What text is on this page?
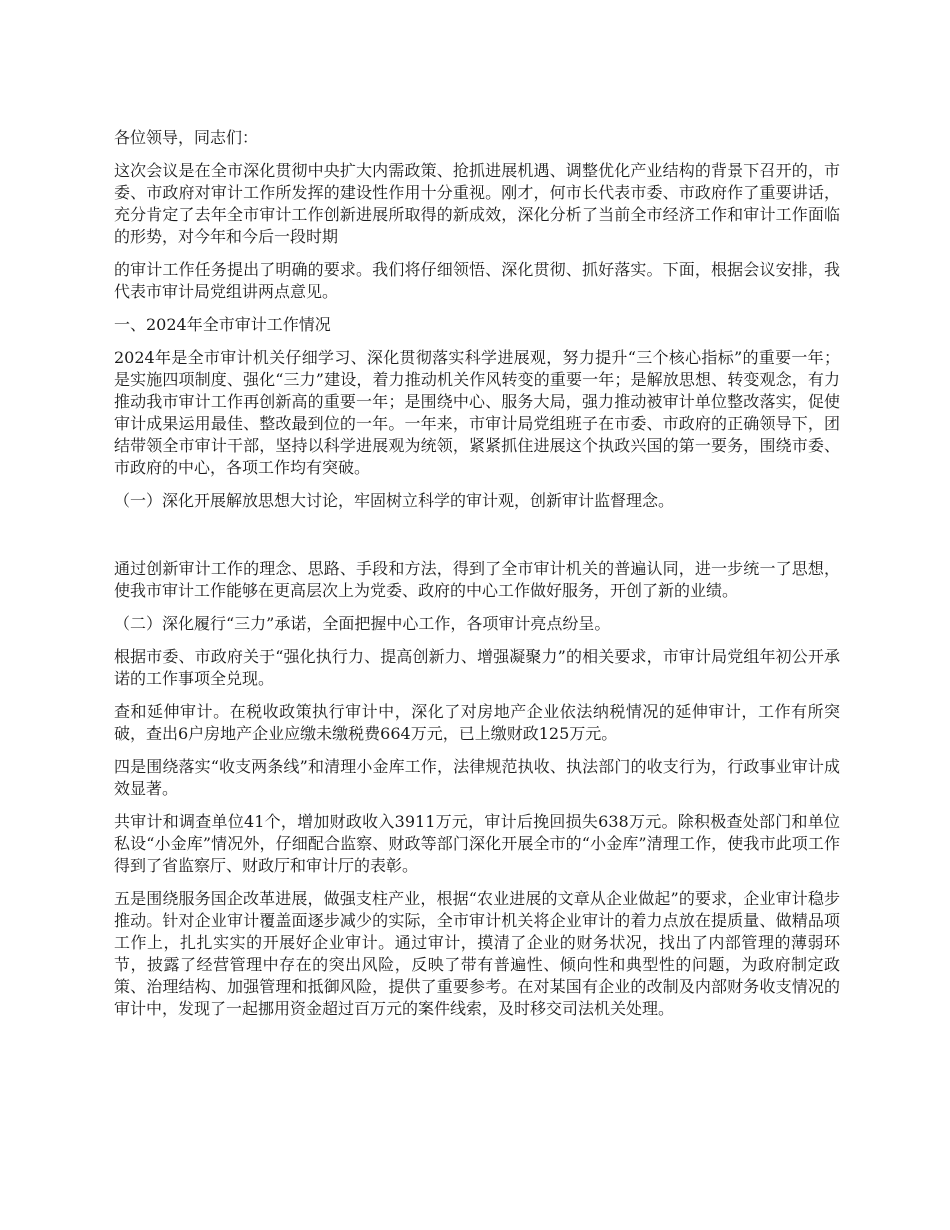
各位领导，同志们：

这次会议是在全市深化贯彻中央扩大内需政策、抢抓进展机遇、调整优化产业结构的背景下召开的，市委、市政府对审计工作所发挥的建设性作用十分重视。刚才，何市长代表市委、市政府作了重要讲话，充分肯定了去年全市审计工作创新进展所取得的新成效，深化分析了当前全市经济工作和审计工作面临的形势，对今年和今后一段时期

的审计工作任务提出了明确的要求。我们将仔细领悟、深化贯彻、抓好落实。下面，根据会议安排，我代表市审计局党组讲两点意见。

一、2024年全市审计工作情况

2024年是全市审计机关仔细学习、深化贯彻落实科学进展观，努力提升“三个核心指标”的重要一年；是实施四项制度、强化“三力”建设，着力推动机关作风转变的重要一年；是解放思想、转变观念，有力推动我市审计工作再创新高的重要一年；是围绕中心、服务大局，强力推动被审计单位整改落实，促使审计成果运用最佳、整改最到位的一年。一年来，市审计局党组班子在市委、市政府的正确领导下，团结带领全市审计干部，坚持以科学进展观为统领，紧紧抓住进展这个执政兴国的第一要务，围绕市委、市政府的中心，各项工作均有突破。

（一）深化开展解放思想大讨论，牢固树立科学的审计观，创新审计监督理念。

通过创新审计工作的理念、思路、手段和方法，得到了全市审计机关的普遍认同，进一步统一了思想，使我市审计工作能够在更高层次上为党委、政府的中心工作做好服务，开创了新的业绩。

（二）深化履行“三力”承诺，全面把握中心工作，各项审计亮点纷呈。

根据市委、市政府关于“强化执行力、提高创新力、增强凝聚力”的相关要求，市审计局党组年初公开承诺的工作事项全兑现。

查和延伸审计。在税收政策执行审计中，深化了对房地产企业依法纳税情况的延伸审计，工作有所突破，查出6户房地产企业应缴未缴税费664万元，已上缴财政125万元。

四是围绕落实“收支两条线”和清理小金库工作，法律规范执收、执法部门的收支行为，行政事业审计成效显著。

共审计和调查单位41个，增加财政收入3911万元，审计后挽回损失638万元。除积极查处部门和单位私设“小金库”情况外，仔细配合监察、财政等部门深化开展全市的“小金库”清理工作，使我市此项工作得到了省监察厅、财政厅和审计厅的表彰。

五是围绕服务国企改革进展，做强支柱产业，根据“农业进展的文章从企业做起”的要求，企业审计稳步推动。针对企业审计覆盖面逐步减少的实际，全市审计机关将企业审计的着力点放在提质量、做精品项工作上，扎扎实实的开展好企业审计。通过审计，摸清了企业的财务状况，找出了内部管理的薄弱环节，披露了经营管理中存在的突出风险，反映了带有普遍性、倾向性和典型性的问题，为政府制定政策、治理结构、加强管理和抵御风险，提供了重要参考。在对某国有企业的改制及内部财务收支情况的审计中，发现了一起挪用资金超过百万元的案件线索，及时移交司法机关处理。
